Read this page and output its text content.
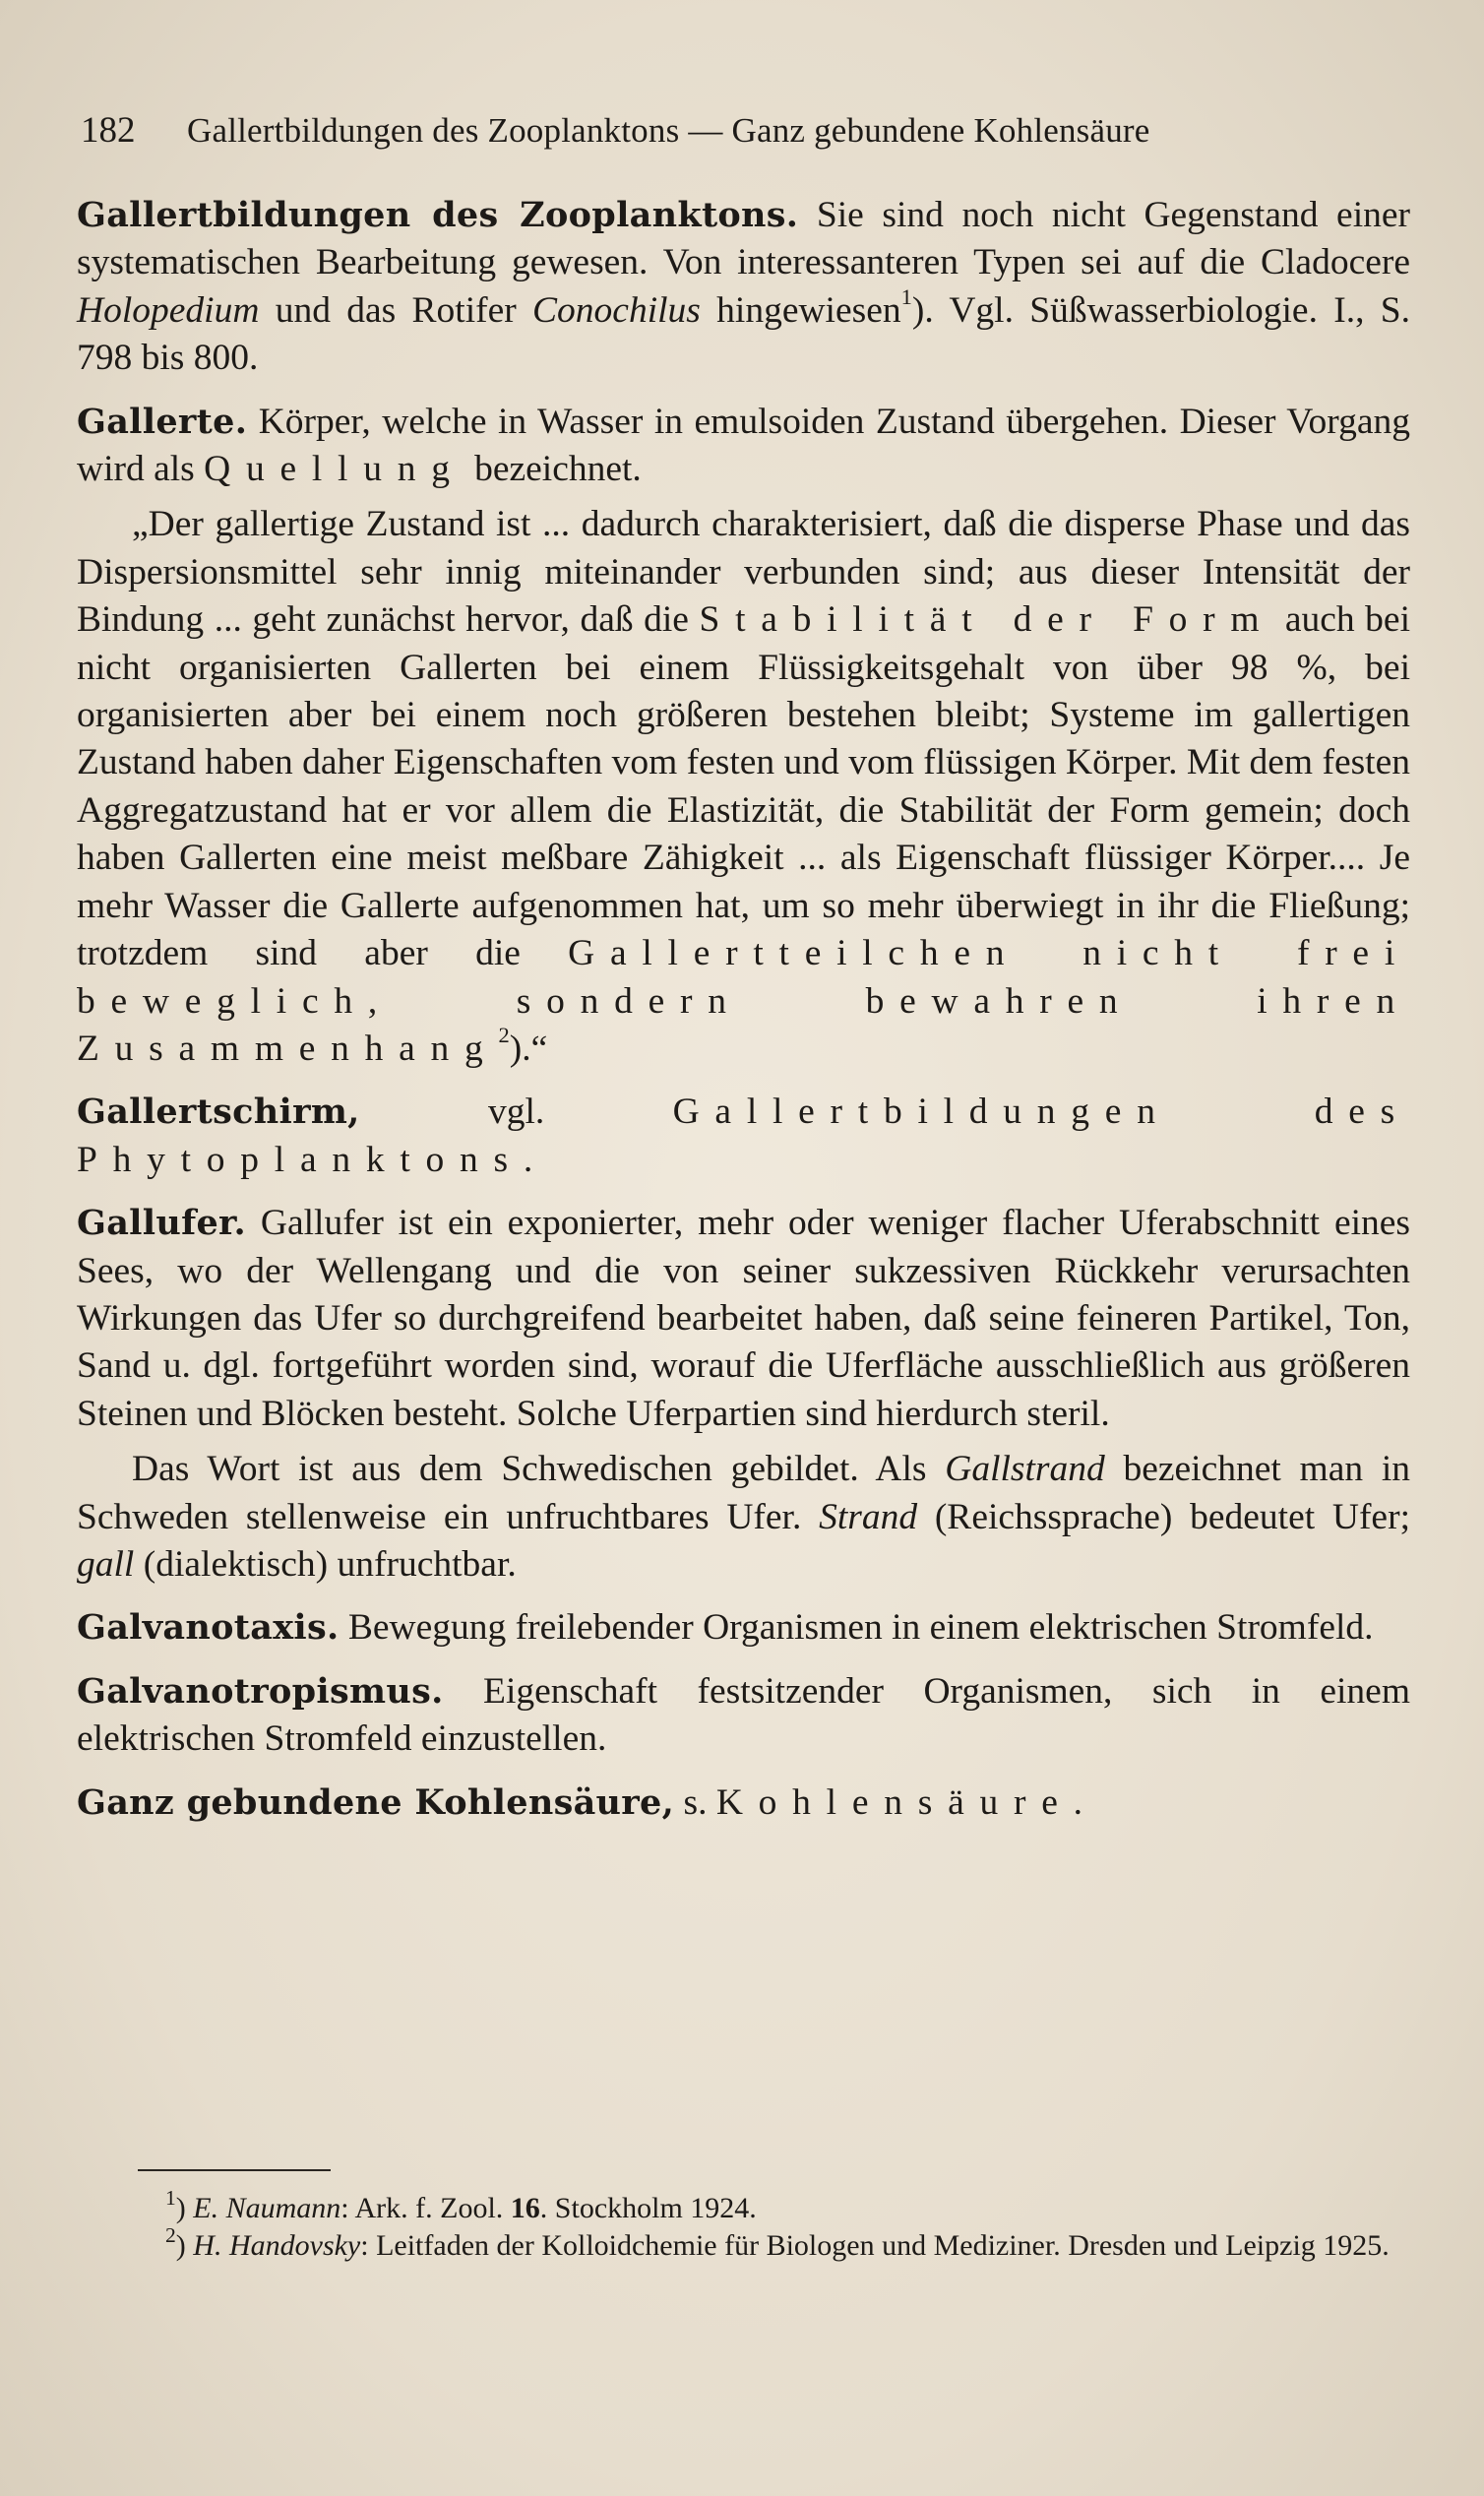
182 Gallertbildungen des Zooplanktons — Ganz gebundene Kohlensäure

Gallertbildungen des Zooplanktons. Sie sind noch nicht Gegenstand einer systematischen Bearbeitung gewesen. Von interessanteren Typen sei auf die Cladocere Holopedium und das Rotifer Conochilus hingewiesen$^1$). Vgl. Süßwasserbiologie. I., S. 798 bis 800.

Gallerte. Körper, welche in Wasser in emulsoiden Zustand übergehen. Dieser Vorgang wird als Quellung bezeichnet.

„Der gallertige Zustand ist ... dadurch charakterisiert, daß die disperse Phase und das Dispersionsmittel sehr innig miteinander verbunden sind; aus dieser Intensität der Bindung ... geht zunächst hervor, daß die Stabilität der Form auch bei nicht organisierten Gallerten bei einem Flüssigkeitsgehalt von über 98 %, bei organisierten aber bei einem noch größeren bestehen bleibt; Systeme im gallertigen Zustand haben daher Eigenschaften vom festen und vom flüssigen Körper. Mit dem festen Aggregatzustand hat er vor allem die Elastizität, die Stabilität der Form gemein; doch haben Gallerten eine meist meßbare Zähigkeit ... als Eigenschaft flüssiger Körper.... Je mehr Wasser die Gallerte aufgenommen hat, um so mehr überwiegt in ihr die Fließung; trotzdem sind aber die Gallertteilchen nicht frei beweglich, sondern bewahren ihren Zusammenhang$^2$).“

Gallertschirm, vgl. Gallertbildungen des Phytoplanktons.

Gallufer. Gallufer ist ein exponierter, mehr oder weniger flacher Uferabschnitt eines Sees, wo der Wellengang und die von seiner sukzessiven Rückkehr verursachten Wirkungen das Ufer so durchgreifend bearbeitet haben, daß seine feineren Partikel, Ton, Sand u. dgl. fortgeführt worden sind, worauf die Uferfläche ausschließlich aus größeren Steinen und Blöcken besteht. Solche Uferpartien sind hierdurch steril.

Das Wort ist aus dem Schwedischen gebildet. Als Gallstrand bezeichnet man in Schweden stellenweise ein unfruchtbares Ufer. Strand (Reichssprache) bedeutet Ufer; gall (dialektisch) unfruchtbar.

Galvanotaxis. Bewegung freilebender Organismen in einem elektrischen Stromfeld.

Galvanotropismus. Eigenschaft festsitzender Organismen, sich in einem elektrischen Stromfeld einzustellen.

Ganz gebundene Kohlensäure, s. Kohlensäure.

$^1$) E. Naumann: Ark. f. Zool. 16. Stockholm 1924.
$^2$) H. Handovsky: Leitfaden der Kolloidchemie für Biologen und Mediziner. Dresden und Leipzig 1925.
